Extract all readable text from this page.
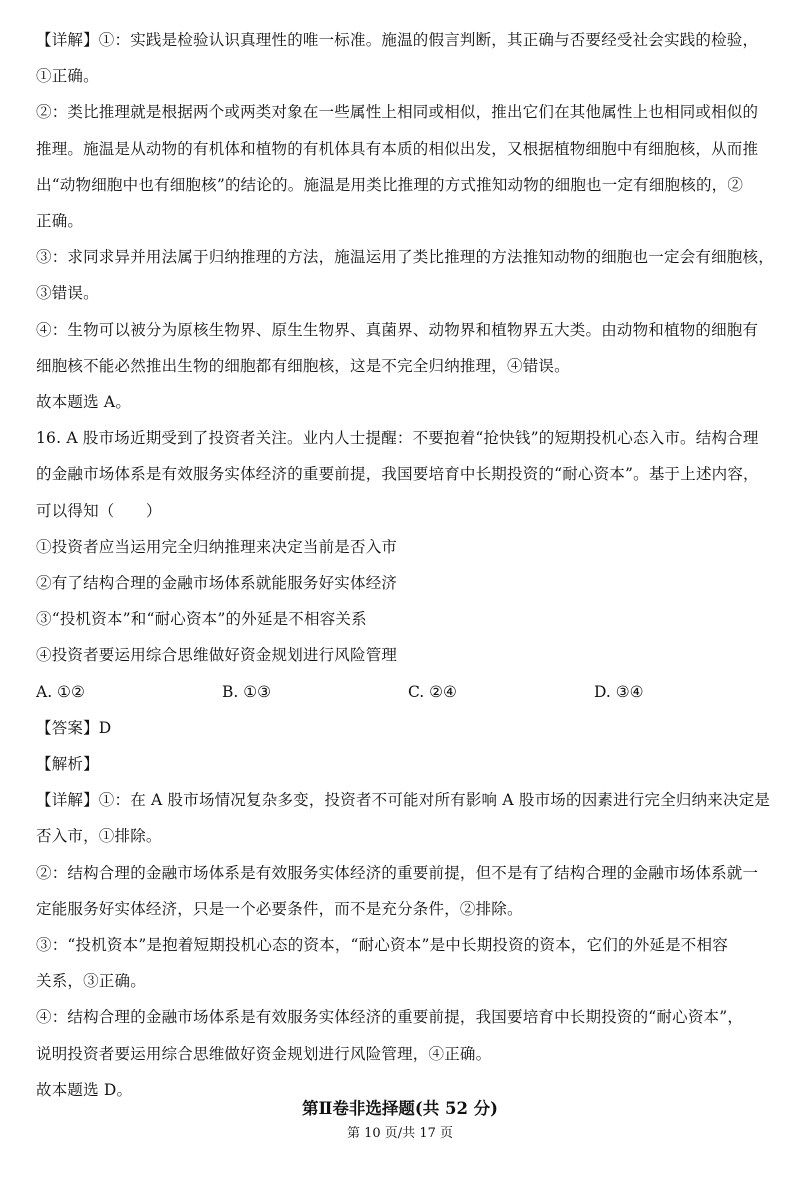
【详解】①：实践是检验认识真理性的唯一标准。施温的假言判断，其正确与否要经受社会实践的检验，
①正确。
②：类比推理就是根据两个或两类对象在一些属性上相同或相似，推出它们在其他属性上也相同或相似的
推理。施温是从动物的有机体和植物的有机体具有本质的相似出发，又根据植物细胞中有细胞核，从而推
出“动物细胞中也有细胞核”的结论的。施温是用类比推理的方式推知动物的细胞也一定有细胞核的，②
正确。
③：求同求异并用法属于归纳推理的方法，施温运用了类比推理的方法推知动物的细胞也一定会有细胞核，
③错误。
④：生物可以被分为原核生物界、原生生物界、真菌界、动物界和植物界五大类。由动物和植物的细胞有
细胞核不能必然推出生物的细胞都有细胞核，这是不完全归纳推理，④错误。
故本题选 A。
16. A 股市场近期受到了投资者关注。业内人士提醒：不要抱着“抢快钱”的短期投机心态入市。结构合理
的金融市场体系是有效服务实体经济的重要前提，我国要培育中长期投资的“耐心资本”。基于上述内容，
可以得知（　　）
①投资者应当运用完全归纳推理来决定当前是否入市
②有了结构合理的金融市场体系就能服务好实体经济
③“投机资本”和“耐心资本”的外延是不相容关系
④投资者要运用综合思维做好资金规划进行风险管理
A. ①②	B. ①③	C. ②④	D. ③④
【答案】D
【解析】
【详解】①：在 A 股市场情况复杂多变，投资者不可能对所有影响 A 股市场的因素进行完全归纳来决定是
否入市，①排除。
②：结构合理的金融市场体系是有效服务实体经济的重要前提，但不是有了结构合理的金融市场体系就一
定能服务好实体经济，只是一个必要条件，而不是充分条件，②排除。
③：“投机资本”是抱着短期投机心态的资本，“耐心资本”是中长期投资的资本，它们的外延是不相容
关系，③正确。
④：结构合理的金融市场体系是有效服务实体经济的重要前提，我国要培育中长期投资的“耐心资本”，
说明投资者要运用综合思维做好资金规划进行风险管理，④正确。
故本题选 D。
第Ⅱ卷非选择题(共 52 分)
第 10 页/共 17 页
